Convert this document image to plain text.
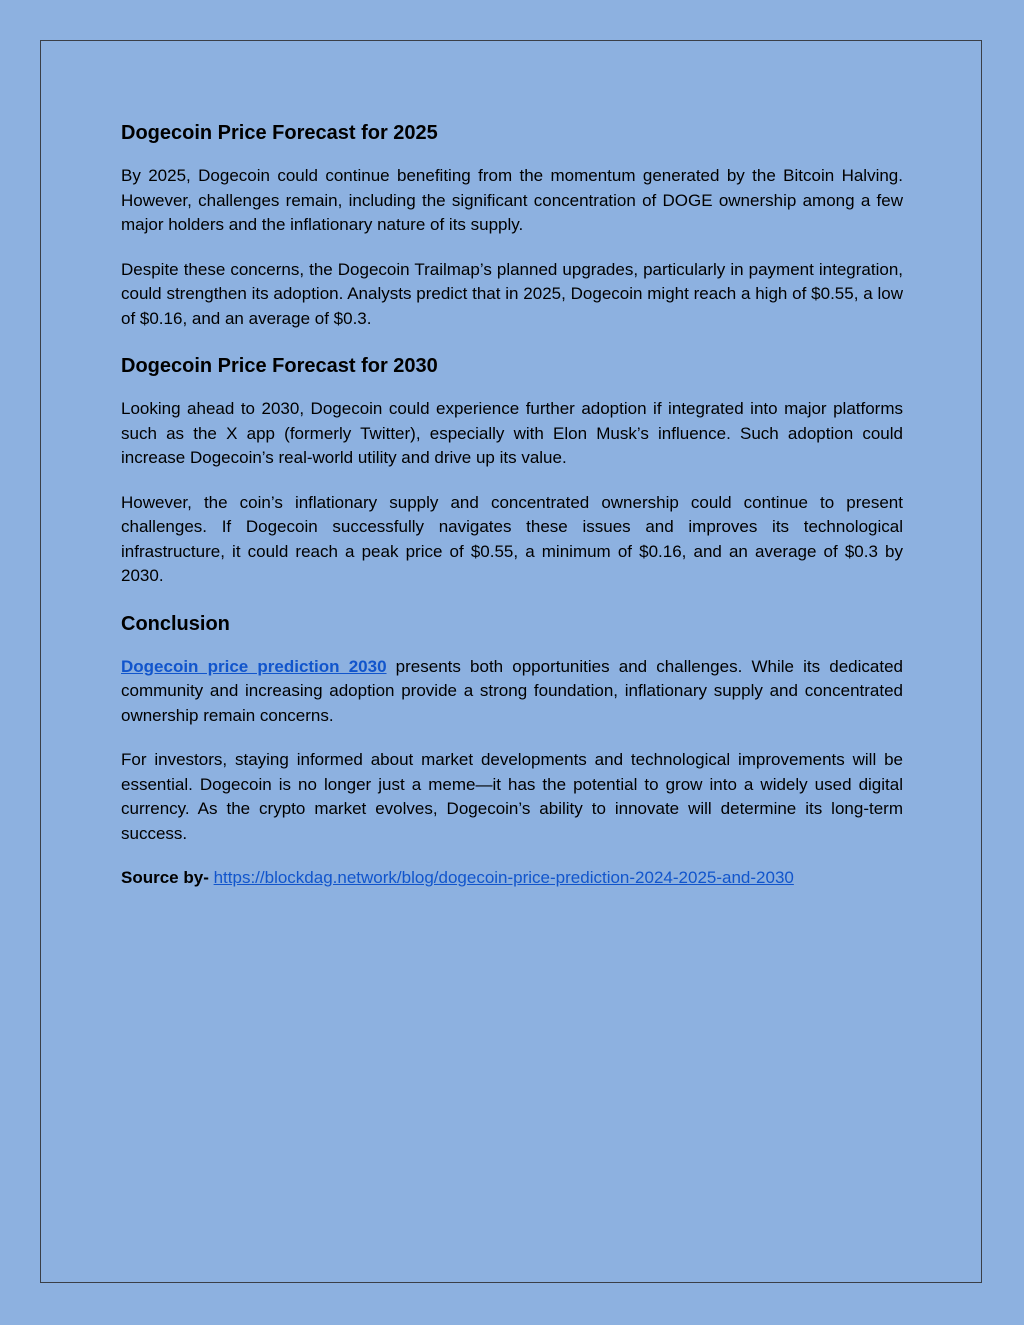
Dogecoin Price Forecast for 2025

By 2025, Dogecoin could continue benefiting from the momentum generated by the Bitcoin Halving. However, challenges remain, including the significant concentration of DOGE ownership among a few major holders and the inflationary nature of its supply.

Despite these concerns, the Dogecoin Trailmap’s planned upgrades, particularly in payment integration, could strengthen its adoption. Analysts predict that in 2025, Dogecoin might reach a high of $0.55, a low of $0.16, and an average of $0.3.

Dogecoin Price Forecast for 2030

Looking ahead to 2030, Dogecoin could experience further adoption if integrated into major platforms such as the X app (formerly Twitter), especially with Elon Musk’s influence. Such adoption could increase Dogecoin’s real-world utility and drive up its value.

However, the coin’s inflationary supply and concentrated ownership could continue to present challenges. If Dogecoin successfully navigates these issues and improves its technological infrastructure, it could reach a peak price of $0.55, a minimum of $0.16, and an average of $0.3 by 2030.

Conclusion

Dogecoin price prediction 2030 presents both opportunities and challenges. While its dedicated community and increasing adoption provide a strong foundation, inflationary supply and concentrated ownership remain concerns.

For investors, staying informed about market developments and technological improvements will be essential. Dogecoin is no longer just a meme—it has the potential to grow into a widely used digital currency. As the crypto market evolves, Dogecoin’s ability to innovate will determine its long-term success.

Source by- https://blockdag.network/blog/dogecoin-price-prediction-2024-2025-and-2030
